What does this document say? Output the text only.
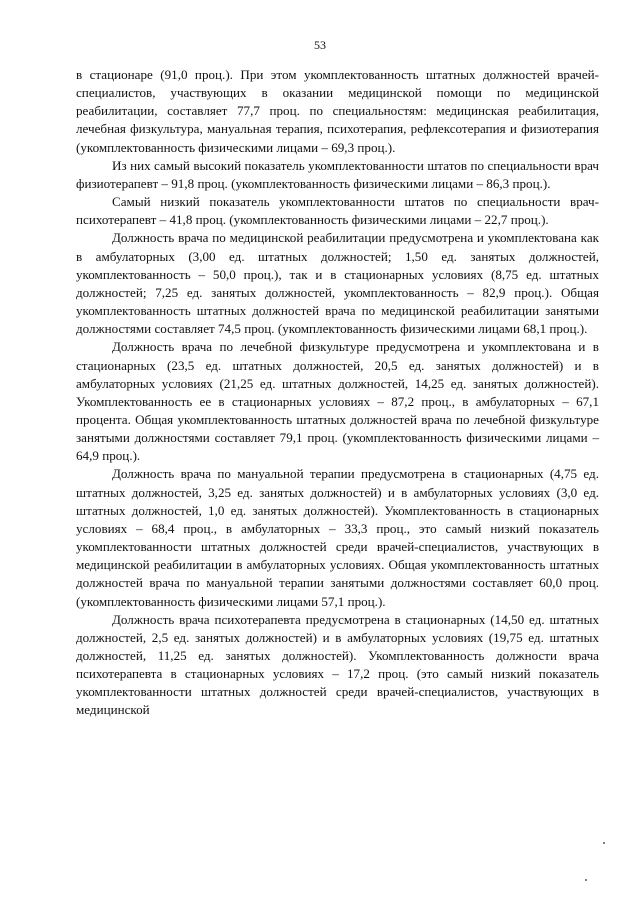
53

в стационаре (91,0 проц.). При этом укомплектованность штатных должностей врачей-специалистов, участвующих в оказании медицинской помощи по медицинской реабилитации, составляет 77,7 проц. по специальностям: медицинская реабилитация, лечебная физкультура, мануальная терапия, психотерапия, рефлексотерапия и физиотерапия (укомплектованность физическими лицами – 69,3 проц.).

Из них самый высокий показатель укомплектованности штатов по специальности врач физиотерапевт – 91,8 проц. (укомплектованность физическими лицами – 86,3 проц.).

Самый низкий показатель укомплектованности штатов по специальности врач-психотерапевт – 41,8 проц. (укомплектованность физическими лицами – 22,7 проц.).

Должность врача по медицинской реабилитации предусмотрена и укомплектована как в амбулаторных (3,00 ед. штатных должностей; 1,50 ед. занятых должностей, укомплектованность – 50,0 проц.), так и в стационарных условиях (8,75 ед. штатных должностей; 7,25 ед. занятых должностей, укомплектованность – 82,9 проц.). Общая укомплектованность штатных должностей врача по медицинской реабилитации занятыми должностями составляет 74,5 проц. (укомплектованность физическими лицами 68,1 проц.).

Должность врача по лечебной физкультуре предусмотрена и укомплектована и в стационарных (23,5 ед. штатных должностей, 20,5 ед. занятых должностей) и в амбулаторных условиях (21,25 ед. штатных должностей, 14,25 ед. занятых должностей). Укомплектованность ее в стационарных условиях – 87,2 проц., в амбулаторных – 67,1 процента. Общая укомплектованность штатных должностей врача по лечебной физкультуре занятыми должностями составляет 79,1 проц. (укомплектованность физическими лицами – 64,9 проц.).

Должность врача по мануальной терапии предусмотрена в стационарных (4,75 ед. штатных должностей, 3,25 ед. занятых должностей) и в амбулаторных условиях (3,0 ед. штатных должностей, 1,0 ед. занятых должностей). Укомплектованность в стационарных условиях – 68,4 проц., в амбулаторных – 33,3 проц., это самый низкий показатель укомплектованности штатных должностей среди врачей-специалистов, участвующих в медицинской реабилитации в амбулаторных условиях. Общая укомплектованность штатных должностей врача по мануальной терапии занятыми должностями составляет 60,0 проц. (укомплектованность физическими лицами 57,1 проц.).

Должность врача психотерапевта предусмотрена в стационарных (14,50 ед. штатных должностей, 2,5 ед. занятых должностей) и в амбулаторных условиях (19,75 ед. штатных должностей, 11,25 ед. занятых должностей). Укомплектованность должности врача психотерапевта в стационарных условиях – 17,2 проц. (это самый низкий показатель укомплектованности штатных должностей среди врачей-специалистов, участвующих в медицинской
